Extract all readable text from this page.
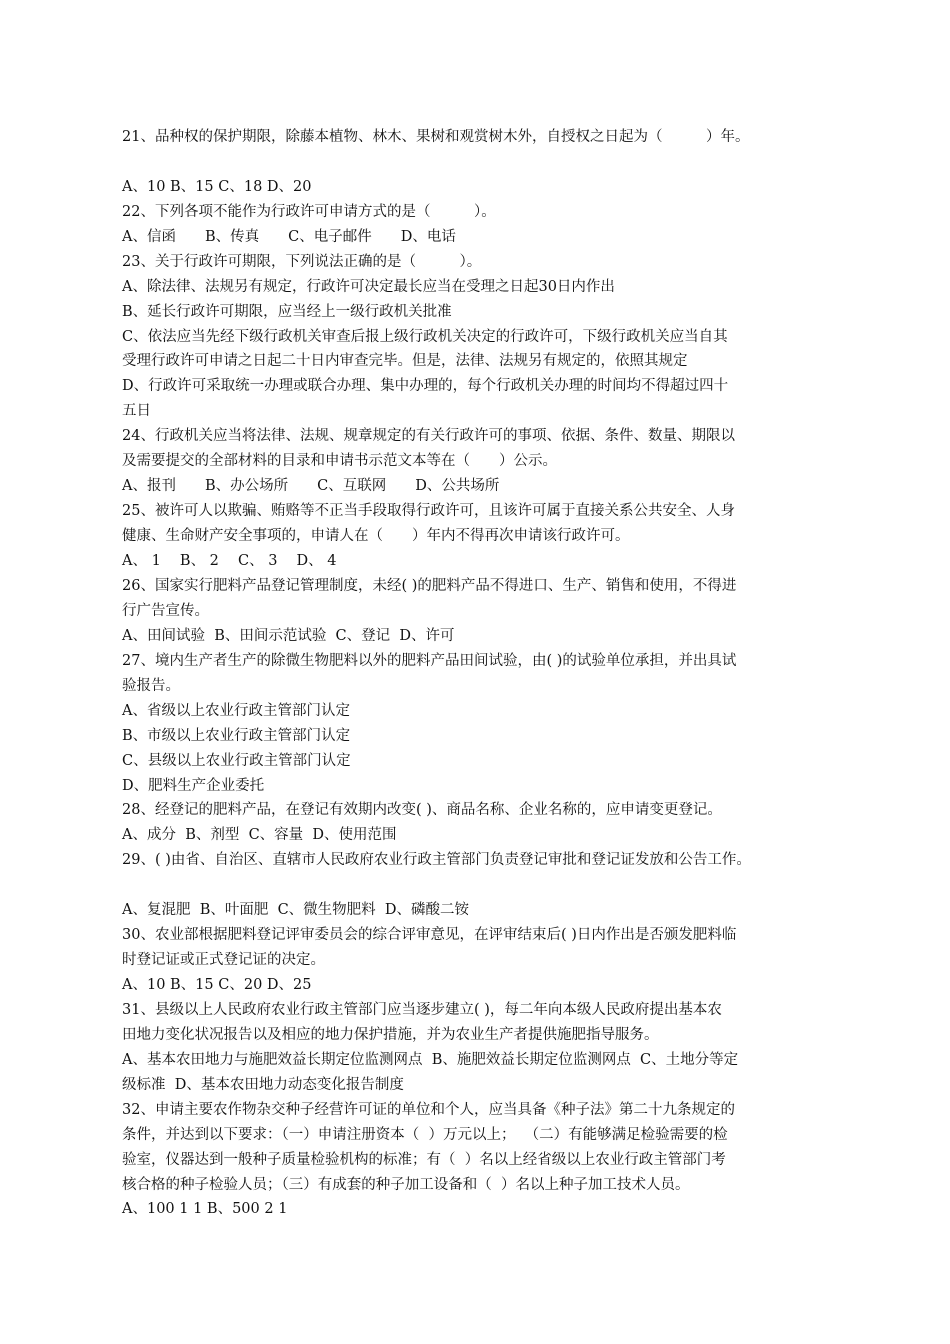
21、品种权的保护期限，除藤本植物、林木、果树和观赏树木外，自授权之日起为（　　　）年。
A、10 B、15 C、18 D、20
22、下列各项不能作为行政许可申请方式的是（　　　）。
A、信函　　B、传真　　C、电子邮件　　D、电话
23、关于行政许可期限，下列说法正确的是（　　　）。
A、除法律、法规另有规定，行政许可决定最长应当在受理之日起30日内作出
B、延长行政许可期限，应当经上一级行政机关批准
C、依法应当先经下级行政机关审查后报上级行政机关决定的行政许可，下级行政机关应当自其
受理行政许可申请之日起二十日内审查完毕。但是，法律、法规另有规定的，依照其规定
D、行政许可采取统一办理或联合办理、集中办理的，每个行政机关办理的时间均不得超过四十
五日
24、行政机关应当将法律、法规、规章规定的有关行政许可的事项、依据、条件、数量、期限以
及需要提交的全部材料的目录和申请书示范文本等在（　　）公示。
A、报刊　　B、办公场所　　C、互联网　　D、公共场所
25、被许可人以欺骗、贿赂等不正当手段取得行政许可，且该许可属于直接关系公共安全、人身
健康、生命财产安全事项的，申请人在（　　）年内不得再次申请该行政许可。
A、 1　 B、 2　 C、 3　 D、 4
26、国家实行肥料产品登记管理制度，未经( )的肥料产品不得进口、生产、销售和使用，不得进
行广告宣传。
A、田间试验  B、田间示范试验  C、登记  D、许可
27、境内生产者生产的除微生物肥料以外的肥料产品田间试验，由( )的试验单位承担，并出具试
验报告。
A、省级以上农业行政主管部门认定
B、市级以上农业行政主管部门认定
C、县级以上农业行政主管部门认定
D、肥料生产企业委托
28、经登记的肥料产品，在登记有效期内改变( )、商品名称、企业名称的，应申请变更登记。
A、成分  B、剂型  C、容量  D、使用范围
29、( )由省、自治区、直辖市人民政府农业行政主管部门负责登记审批和登记证发放和公告工作。
A、复混肥  B、叶面肥  C、微生物肥料  D、磷酸二铵
30、农业部根据肥料登记评审委员会的综合评审意见，在评审结束后( )日内作出是否颁发肥料临
时登记证或正式登记证的决定。
A、10 B、15 C、20 D、25
31、县级以上人民政府农业行政主管部门应当逐步建立( )，每二年向本级人民政府提出基本农
田地力变化状况报告以及相应的地力保护措施，并为农业生产者提供施肥指导服务。
A、基本农田地力与施肥效益长期定位监测网点  B、施肥效益长期定位监测网点  C、土地分等定
级标准  D、基本农田地力动态变化报告制度
32、申请主要农作物杂交种子经营许可证的单位和个人，应当具备《种子法》第二十九条规定的
条件，并达到以下要求：（一）申请注册资本（  ）万元以上；  （二）有能够满足检验需要的检
验室，仪器达到一般种子质量检验机构的标准；有（  ）名以上经省级以上农业行政主管部门考
核合格的种子检验人员；（三）有成套的种子加工设备和（  ）名以上种子加工技术人员。
A、100 1 1 B、500 2 1
